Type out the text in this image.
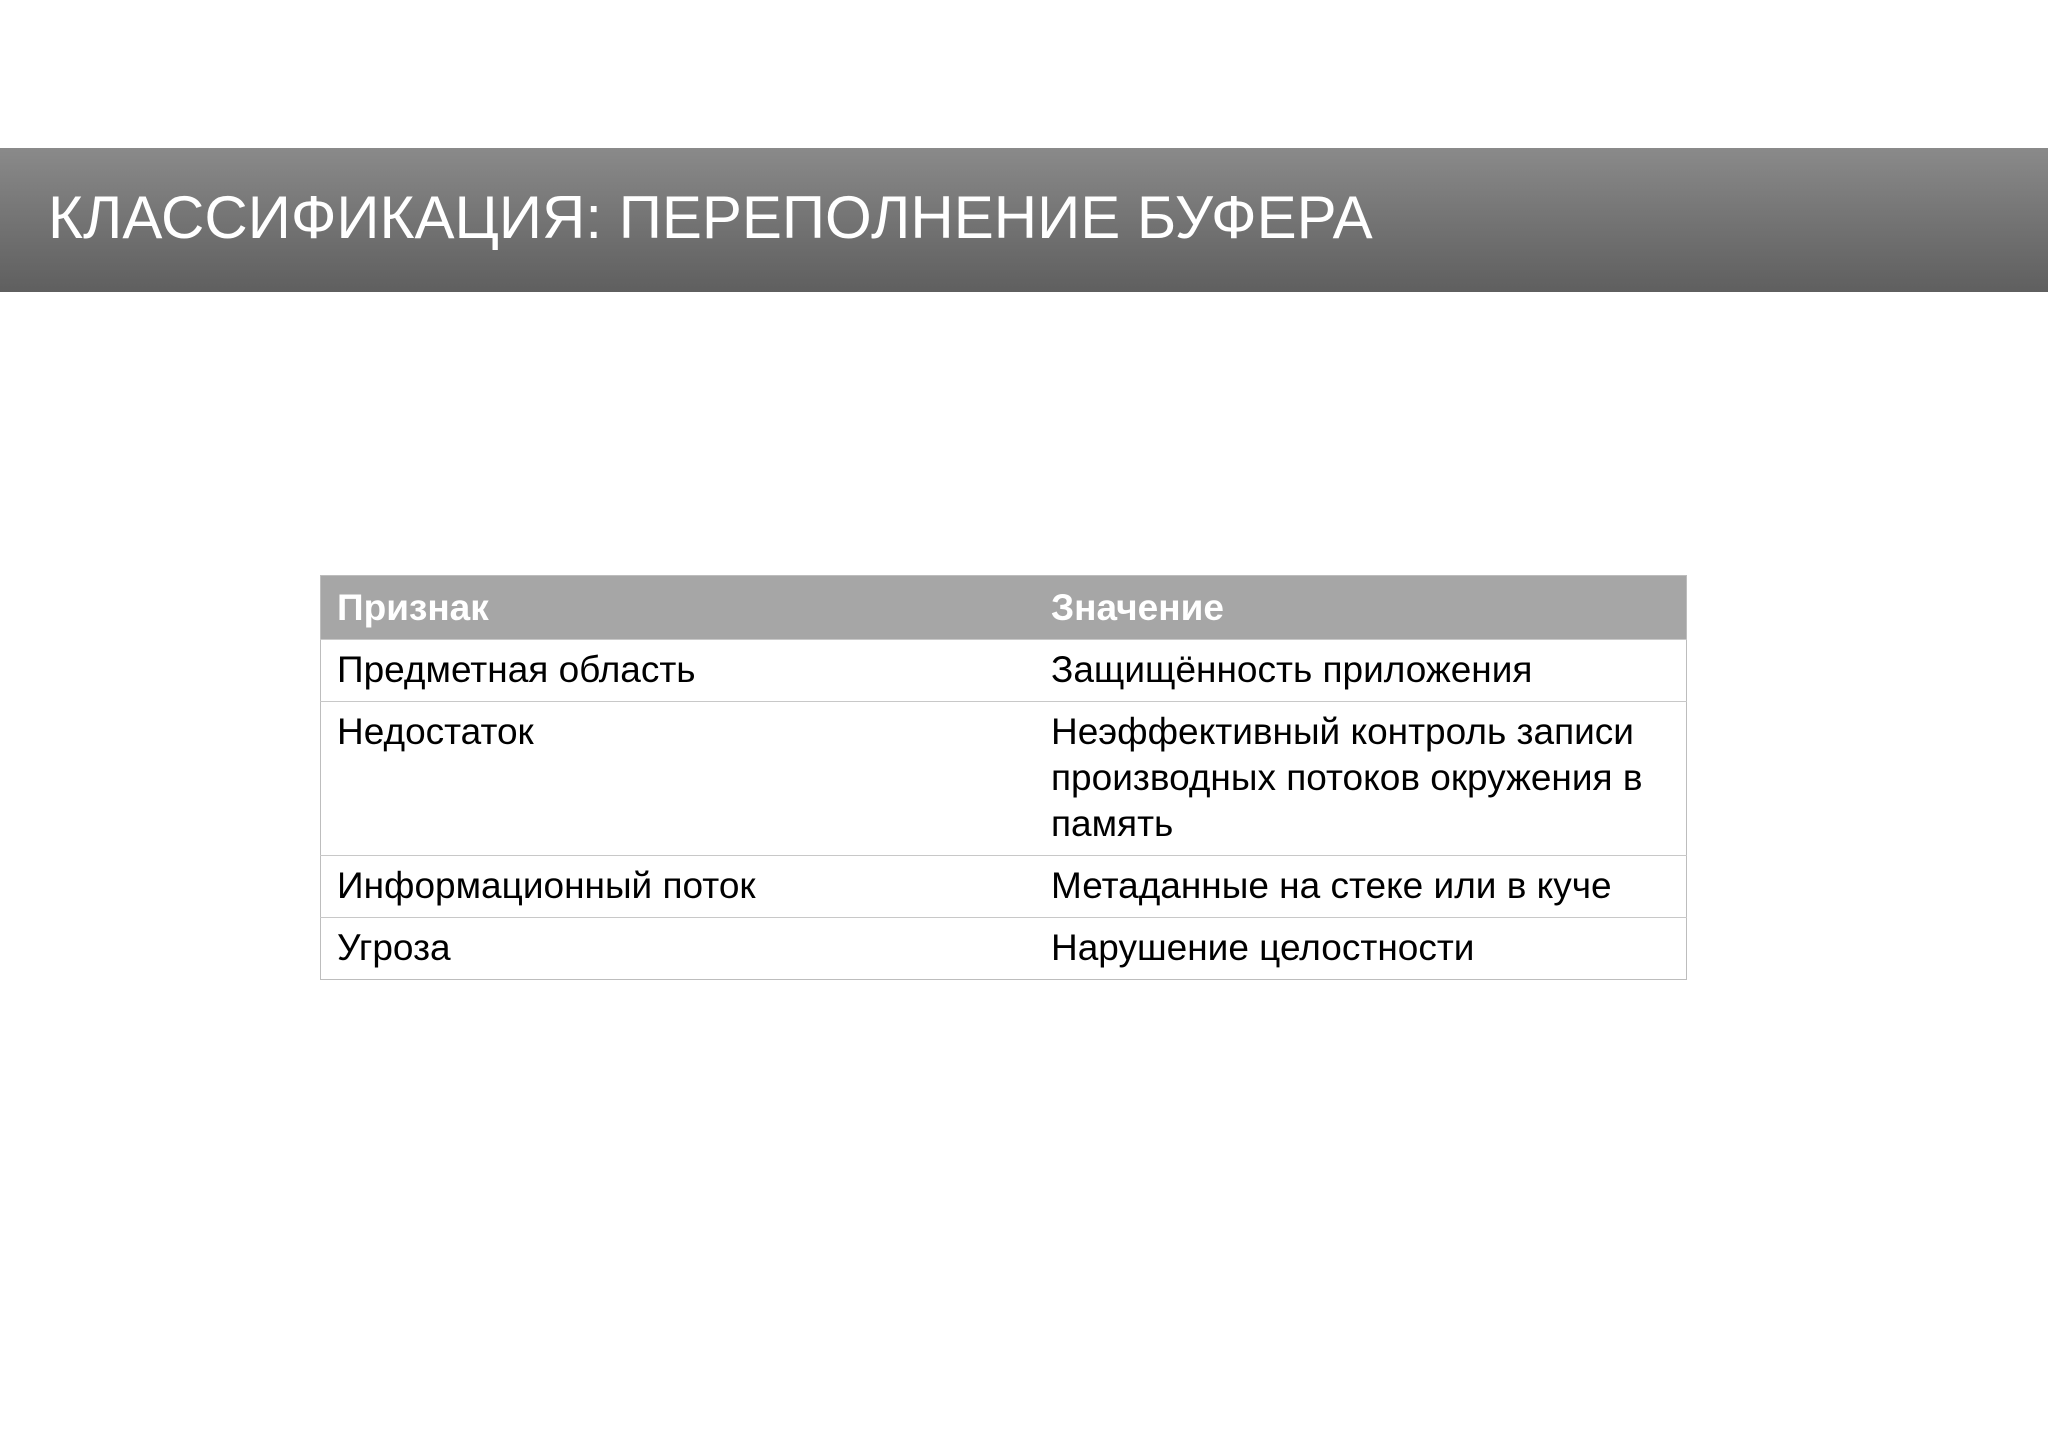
КЛАССИФИКАЦИЯ: ПЕРЕПОЛНЕНИЕ БУФЕРА
Признак	Значение
Предметная область	Защищённость приложения
Недостаток	Неэффективный контроль записи производных потоков окружения в память
Информационный поток	Метаданные на стеке или в куче
Угроза	Нарушение целостности
